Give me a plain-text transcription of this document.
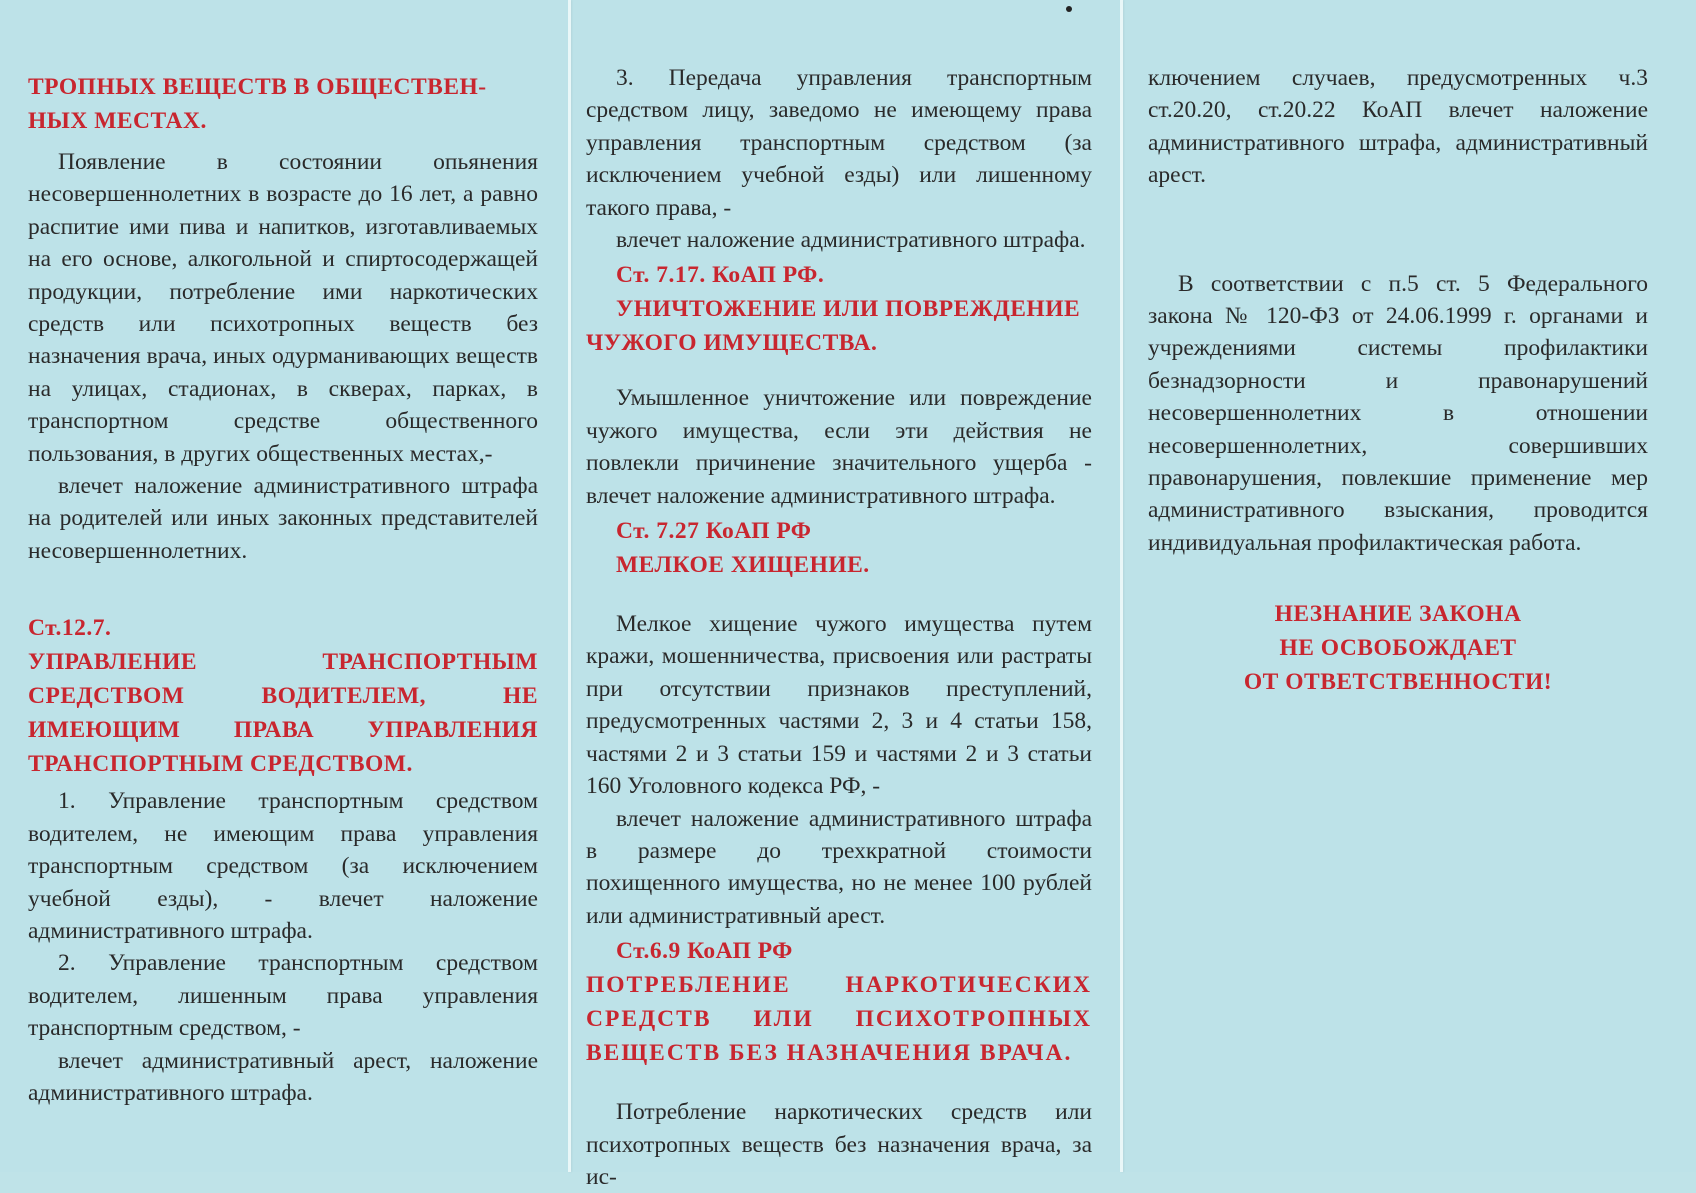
ТРОПНЫХ ВЕЩЕСТВ В ОБЩЕСТВЕН-НЫХ МЕСТАХ.

Появление в состоянии опьянения несовершеннолетних в возрасте до 16 лет, а равно распитие ими пива и напитков, изготавливаемых на его основе, алкогольной и спиртосодержащей продукции, потребление ими наркотических средств или психотропных веществ без назначения врача, иных одурманивающих веществ на улицах, стадионах, в скверах, парках, в транспортном средстве общественного пользования, в других общественных местах,-

влечет наложение административного штрафа на родителей или иных законных представителей несовершеннолетних.

Ст.12.7.

УПРАВЛЕНИЕ ТРАНСПОРТНЫМ СРЕДСТВОМ ВОДИТЕЛЕМ, НЕ ИМЕЮЩИМ ПРАВА УПРАВЛЕНИЯ ТРАНСПОРТНЫМ СРЕДСТВОМ.

1. Управление транспортным средством водителем, не имеющим права управления транспортным средством (за исключением учебной езды), - влечет наложение административного штрафа.

2. Управление транспортным средством водителем, лишенным права управления транспортным средством, -

влечет административный арест, наложение административного штрафа.

3. Передача управления транспортным средством лицу, заведомо не имеющему права управления транспортным средством (за исключением учебной езды) или лишенному такого права, -

влечет наложение административного штрафа.

Ст. 7.17. КоАП РФ.

УНИЧТОЖЕНИЕ ИЛИ ПОВРЕЖДЕНИЕ ЧУЖОГО ИМУЩЕСТВА.

Умышленное уничтожение или повреждение чужого имущества, если эти действия не повлекли причинение значительного ущерба - влечет наложение административного штрафа.

Ст. 7.27 КоАП РФ

МЕЛКОЕ ХИЩЕНИЕ.

Мелкое хищение чужого имущества путем кражи, мошенничества, присвоения или растраты при отсутствии признаков преступлений, предусмотренных частями 2, 3 и 4 статьи 158, частями 2 и 3 статьи 159 и частями 2 и 3 статьи 160 Уголовного кодекса РФ, -

влечет наложение административного штрафа в размере до трехкратной стоимости похищенного имущества, но не менее 100 рублей или административный арест.

Ст.6.9 КоАП РФ

ПОТРЕБЛЕНИЕ НАРКОТИЧЕСКИХ СРЕДСТВ ИЛИ ПСИХОТРОПНЫХ ВЕЩЕСТВ БЕЗ НАЗНАЧЕНИЯ ВРАЧА.

Потребление наркотических средств или психотропных веществ без назначения врача, за ис-

ключением случаев, предусмотренных ч.3 ст.20.20, ст.20.22 КоАП влечет наложение административного штрафа, административный арест.

В соответствии с п.5 ст. 5 Федерального закона № 120-ФЗ от 24.06.1999 г. органами и учреждениями системы профилактики безнадзорности и правонарушений несовершеннолетних в отношении несовершеннолетних, совершивших правонарушения, повлекшие применение мер административного взыскания, проводится индивидуальная профилактическая работа.

НЕЗНАНИЕ ЗАКОНА

НЕ ОСВОБОЖДАЕТ

ОТ ОТВЕТСТВЕННОСТИ!
